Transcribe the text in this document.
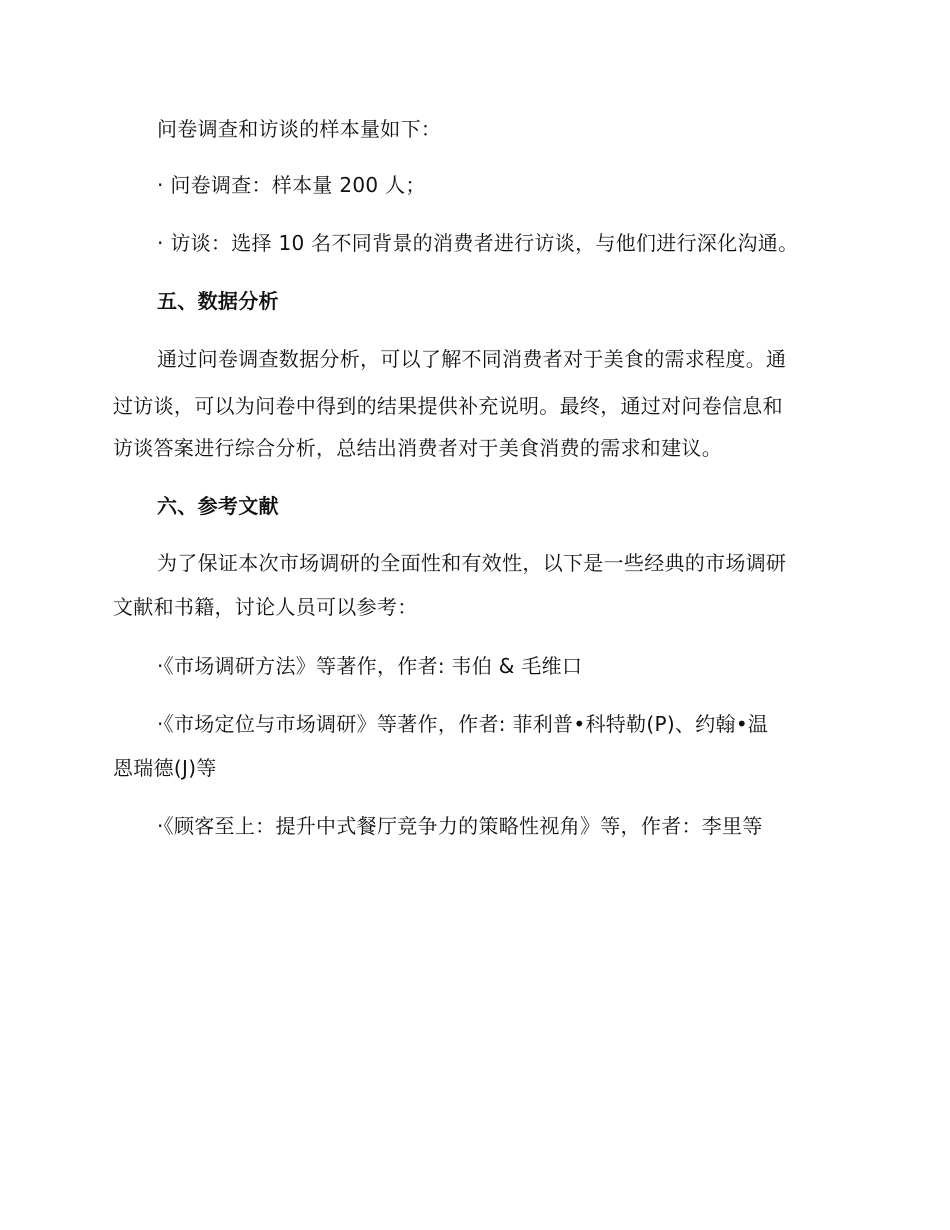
问卷调查和访谈的样本量如下：

· 问卷调查：样本量 200 人；

· 访谈：选择 10 名不同背景的消费者进行访谈，与他们进行深化沟通。

五、数据分析

通过问卷调查数据分析，可以了解不同消费者对于美食的需求程度。通

过访谈，可以为问卷中得到的结果提供补充说明。最终，通过对问卷信息和

访谈答案进行综合分析，总结出消费者对于美食消费的需求和建议。

六、参考文献

为了保证本次市场调研的全面性和有效性，以下是一些经典的市场调研

文献和书籍，讨论人员可以参考：

·《市场调研方法》等著作，作者: 韦伯 & 毛维口

·《市场定位与市场调研》等著作，作者: 菲利普•科特勒(P)、约翰•温

恩瑞德(J)等

·《顾客至上：提升中式餐厅竞争力的策略性视角》等，作者：李里等
